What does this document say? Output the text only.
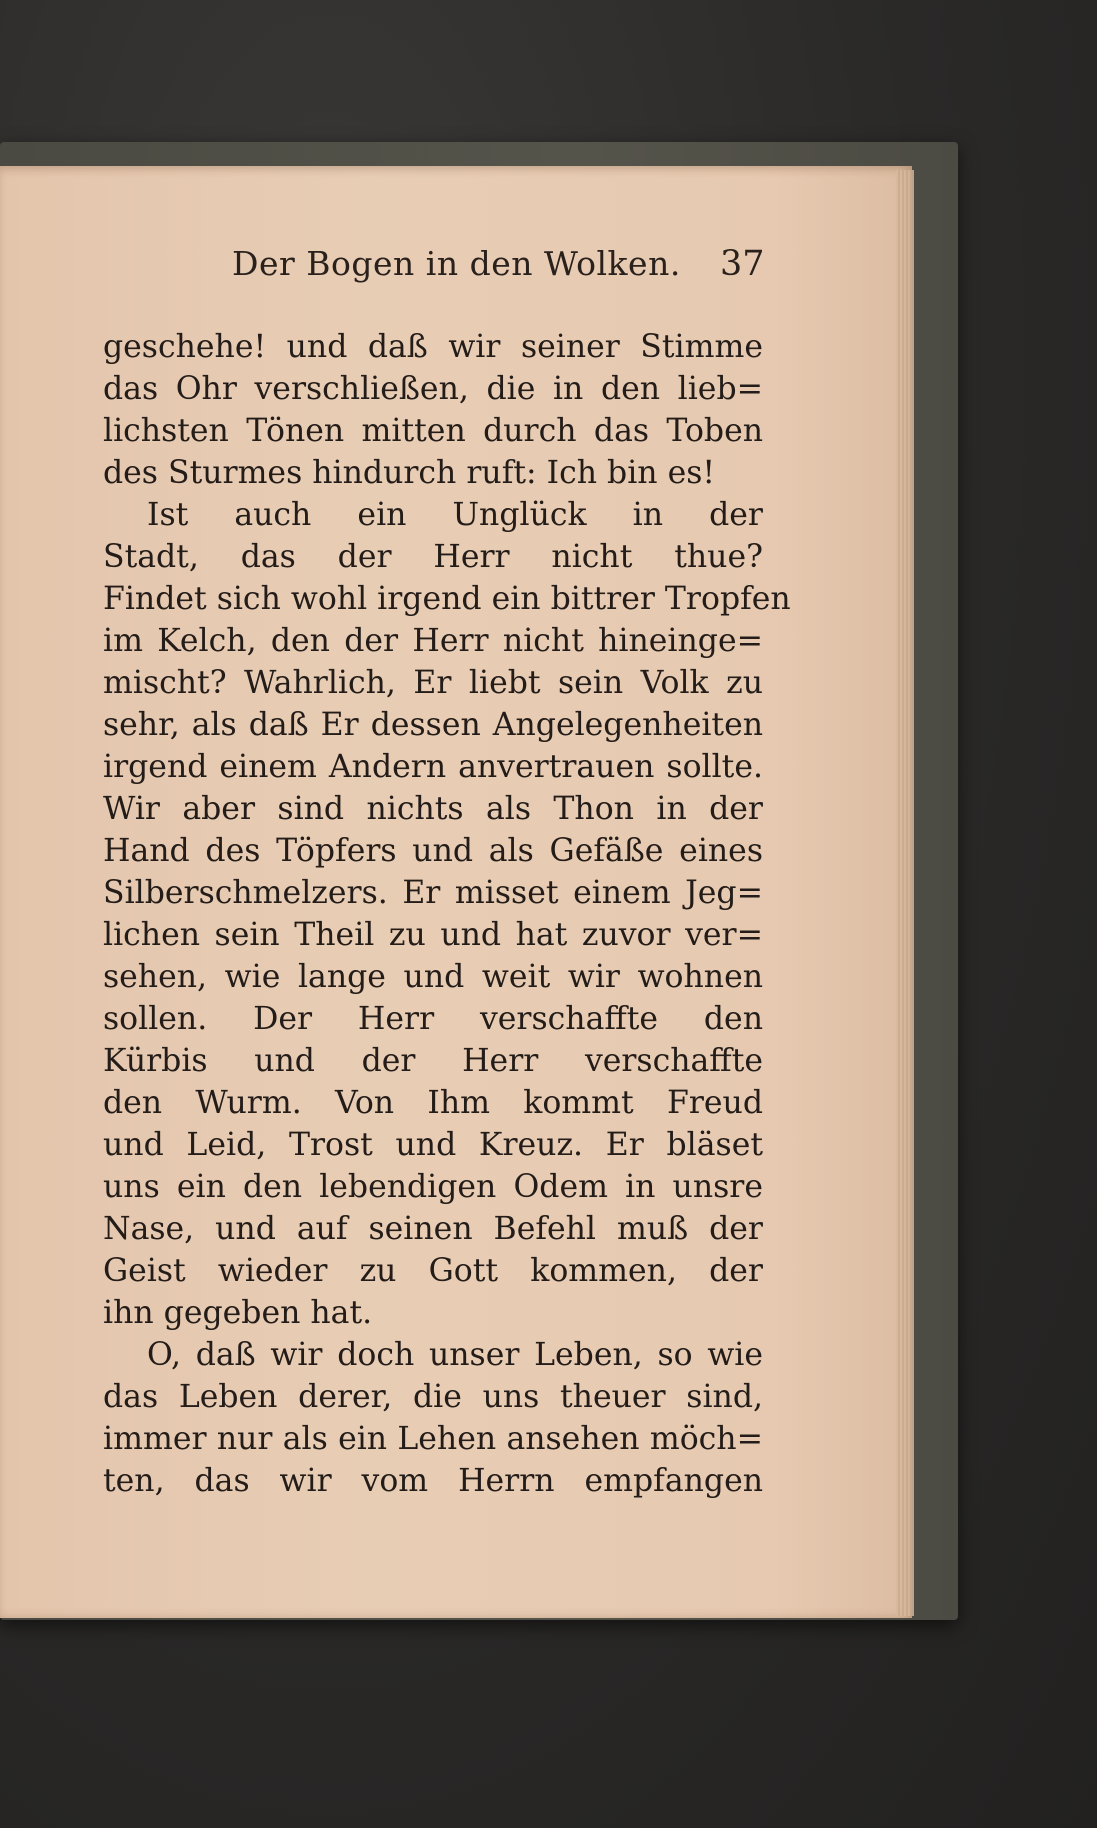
Der Bogen in den Wolken. 37
geschehe! und daß wir seiner Stimme
das Ohr verschließen, die in den lieb=
lichsten Tönen mitten durch das Toben
des Sturmes hindurch ruft: Ich bin es!
Ist auch ein Unglück in der
Stadt, das der Herr nicht thue?
Findet sich wohl irgend ein bittrer Tropfen
im Kelch, den der Herr nicht hineinge=
mischt? Wahrlich, Er liebt sein Volk zu
sehr, als daß Er dessen Angelegenheiten
irgend einem Andern anvertrauen sollte.
Wir aber sind nichts als Thon in der
Hand des Töpfers und als Gefäße eines
Silberschmelzers. Er misset einem Jeg=
lichen sein Theil zu und hat zuvor ver=
sehen, wie lange und weit wir wohnen
sollen. Der Herr verschaffte den
Kürbis und der Herr verschaffte
den Wurm. Von Ihm kommt Freud
und Leid, Trost und Kreuz. Er bläset
uns ein den lebendigen Odem in unsre
Nase, und auf seinen Befehl muß der
Geist wieder zu Gott kommen, der
ihn gegeben hat.
O, daß wir doch unser Leben, so wie
das Leben derer, die uns theuer sind,
immer nur als ein Lehen ansehen möch=
ten, das wir vom Herrn empfangen
